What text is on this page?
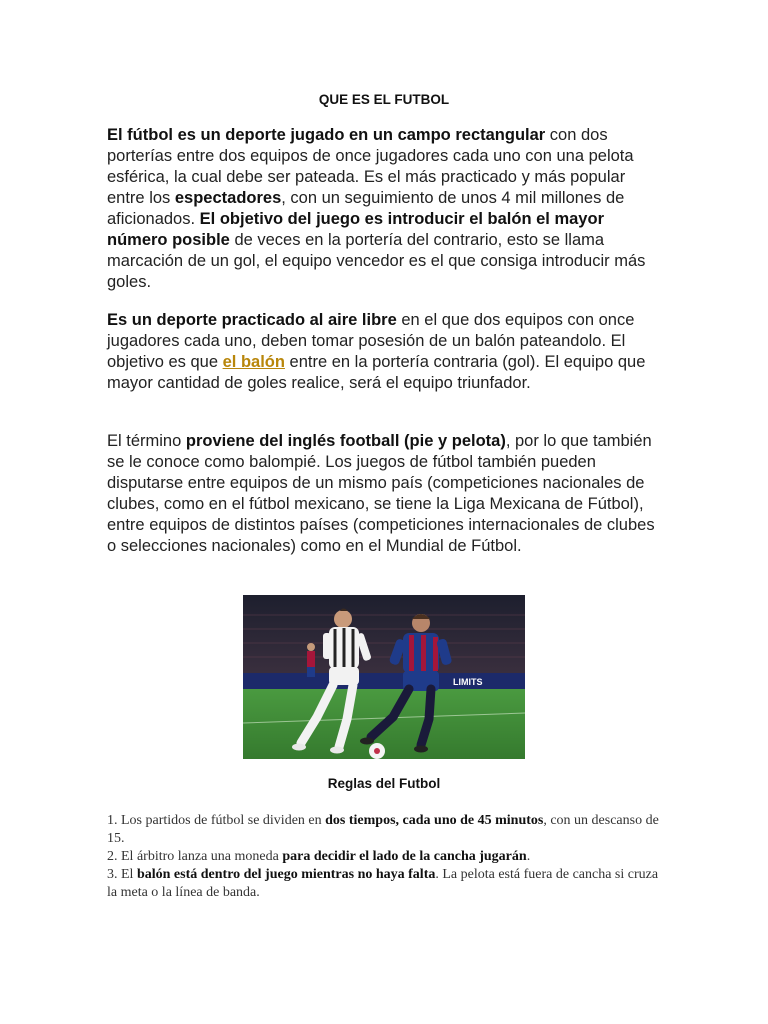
QUE ES EL FUTBOL
El fútbol es un deporte jugado en un campo rectangular con dos porterías entre dos equipos de once jugadores cada uno con una pelota esférica, la cual debe ser pateada. Es el más practicado y más popular entre los espectadores, con un seguimiento de unos 4 mil millones de aficionados. El objetivo del juego es introducir el balón el mayor número posible de veces en la portería del contrario, esto se llama marcación de un gol, el equipo vencedor es el que consiga introducir más goles.
Es un deporte practicado al aire libre en el que dos equipos con once jugadores cada uno, deben tomar posesión de un balón pateandolo. El objetivo es que el balón entre en la portería contraria (gol). El equipo que mayor cantidad de goles realice, será el equipo triunfador.
El término proviene del inglés football (pie y pelota), por lo que también se le conoce como balompié. Los juegos de fútbol también pueden disputarse entre equipos de un mismo país (competiciones nacionales de clubes, como en el fútbol mexicano, se tiene la Liga Mexicana de Fútbol), entre equipos de distintos países (competiciones internacionales de clubes o selecciones nacionales) como en el Mundial de Fútbol.
LIMITS
Reglas del Futbol

1. Los partidos de fútbol se dividen en dos tiempos, cada uno de 45 minutos, con un descanso de 15.

2. El árbitro lanza una moneda para decidir el lado de la cancha jugarán.

3. El balón está dentro del juego mientras no haya falta. La pelota está fuera de cancha si cruza la meta o la línea de banda.
